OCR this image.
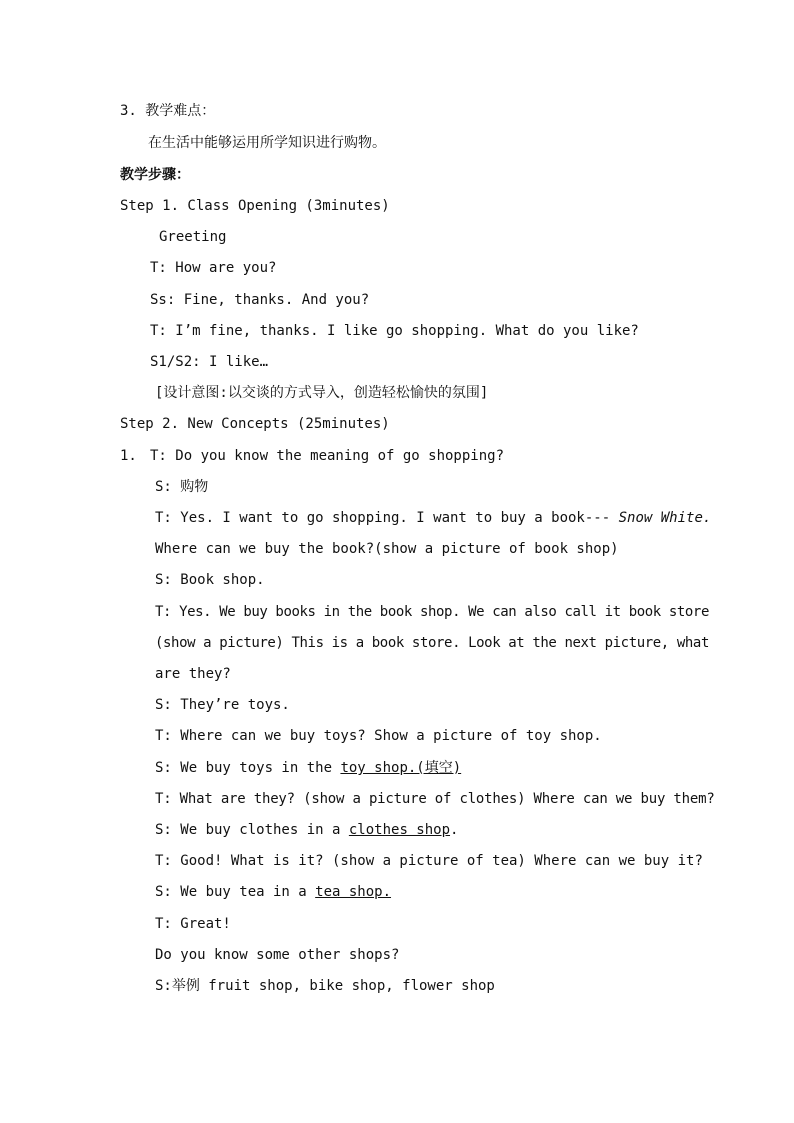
3. 教学难点：
在生活中能够运用所学知识进行购物。
教学步骤：
Step 1. Class Opening (3minutes)
Greeting
T: How are you?
Ss: Fine, thanks. And you?
T: I’m fine, thanks. I like go shopping. What do you like?
S1/S2: I like…
[设计意图:以交谈的方式导入，创造轻松愉快的氛围]
Step 2. New Concepts (25minutes)
1. T: Do you know the meaning of go shopping?
S: 购物
T: Yes. I want to go shopping. I want to buy a book--- Snow White.
Where can we buy the book?(show a picture of book shop)
S: Book shop.
T: Yes. We buy books in the book shop. We can also call it book store
(show a picture) This is a book store. Look at the next picture, what
are they?
S: They’re toys.
T: Where can we buy toys? Show a picture of toy shop.
S: We buy toys in the toy shop.(填空)
T: What are they? (show a picture of clothes) Where can we buy them?
S: We buy clothes in a clothes shop.
T: Good! What is it? (show a picture of tea) Where can we buy it?
S: We buy tea in a tea shop.
T: Great!
Do you know some other shops?
S:举例 fruit shop, bike shop, flower shop
